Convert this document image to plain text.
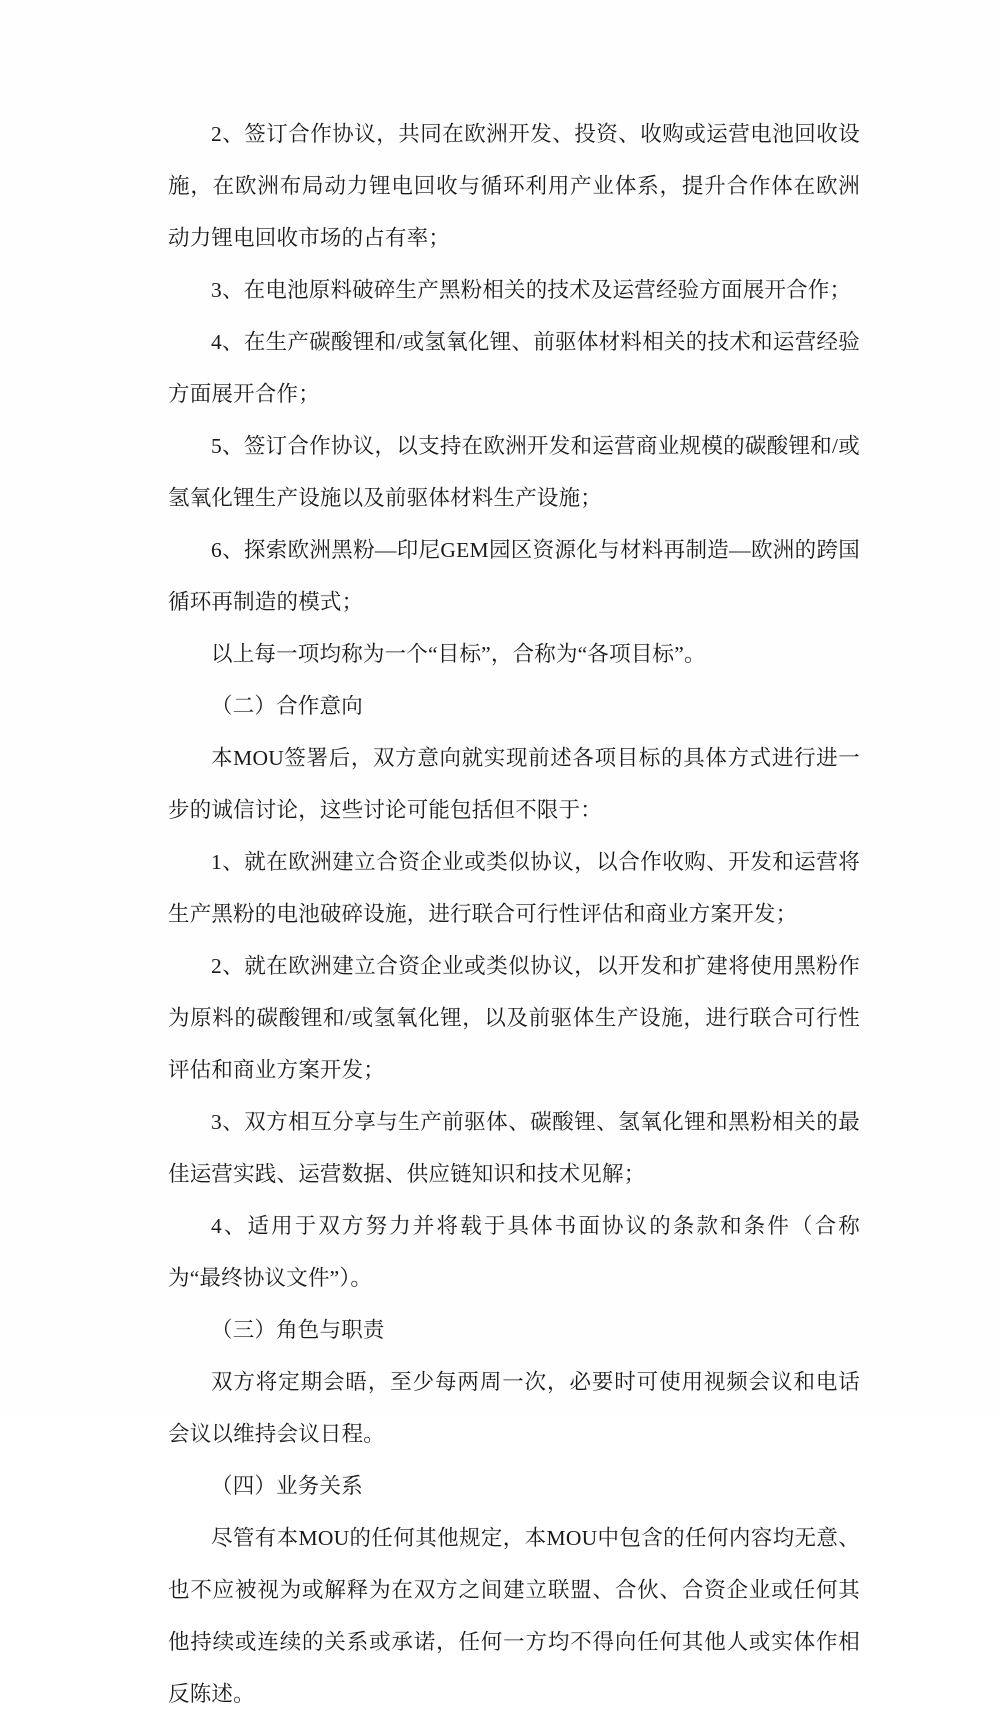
2、签订合作协议，共同在欧洲开发、投资、收购或运营电池回收设施，在欧洲布局动力锂电回收与循环利用产业体系，提升合作体在欧洲动力锂电回收市场的占有率；

3、在电池原料破碎生产黑粉相关的技术及运营经验方面展开合作；

4、在生产碳酸锂和/或氢氧化锂、前驱体材料相关的技术和运营经验方面展开合作；

5、签订合作协议，以支持在欧洲开发和运营商业规模的碳酸锂和/或氢氧化锂生产设施以及前驱体材料生产设施；

6、探索欧洲黑粉—印尼GEM园区资源化与材料再制造—欧洲的跨国循环再制造的模式；

以上每一项均称为一个“目标”，合称为“各项目标”。

（二）合作意向

本MOU签署后，双方意向就实现前述各项目标的具体方式进行进一步的诚信讨论，这些讨论可能包括但不限于：

1、就在欧洲建立合资企业或类似协议，以合作收购、开发和运营将生产黑粉的电池破碎设施，进行联合可行性评估和商业方案开发；

2、就在欧洲建立合资企业或类似协议，以开发和扩建将使用黑粉作为原料的碳酸锂和/或氢氧化锂，以及前驱体生产设施，进行联合可行性评估和商业方案开发；

3、双方相互分享与生产前驱体、碳酸锂、氢氧化锂和黑粉相关的最佳运营实践、运营数据、供应链知识和技术见解；

4、适用于双方努力并将载于具体书面协议的条款和条件（合称为“最终协议文件”）。

（三）角色与职责

双方将定期会晤，至少每两周一次，必要时可使用视频会议和电话会议以维持会议日程。

（四）业务关系

尽管有本MOU的任何其他规定，本MOU中包含的任何内容均无意、也不应被视为或解释为在双方之间建立联盟、合伙、合资企业或任何其他持续或连续的关系或承诺，任何一方均不得向任何其他人或实体作相反陈述。
